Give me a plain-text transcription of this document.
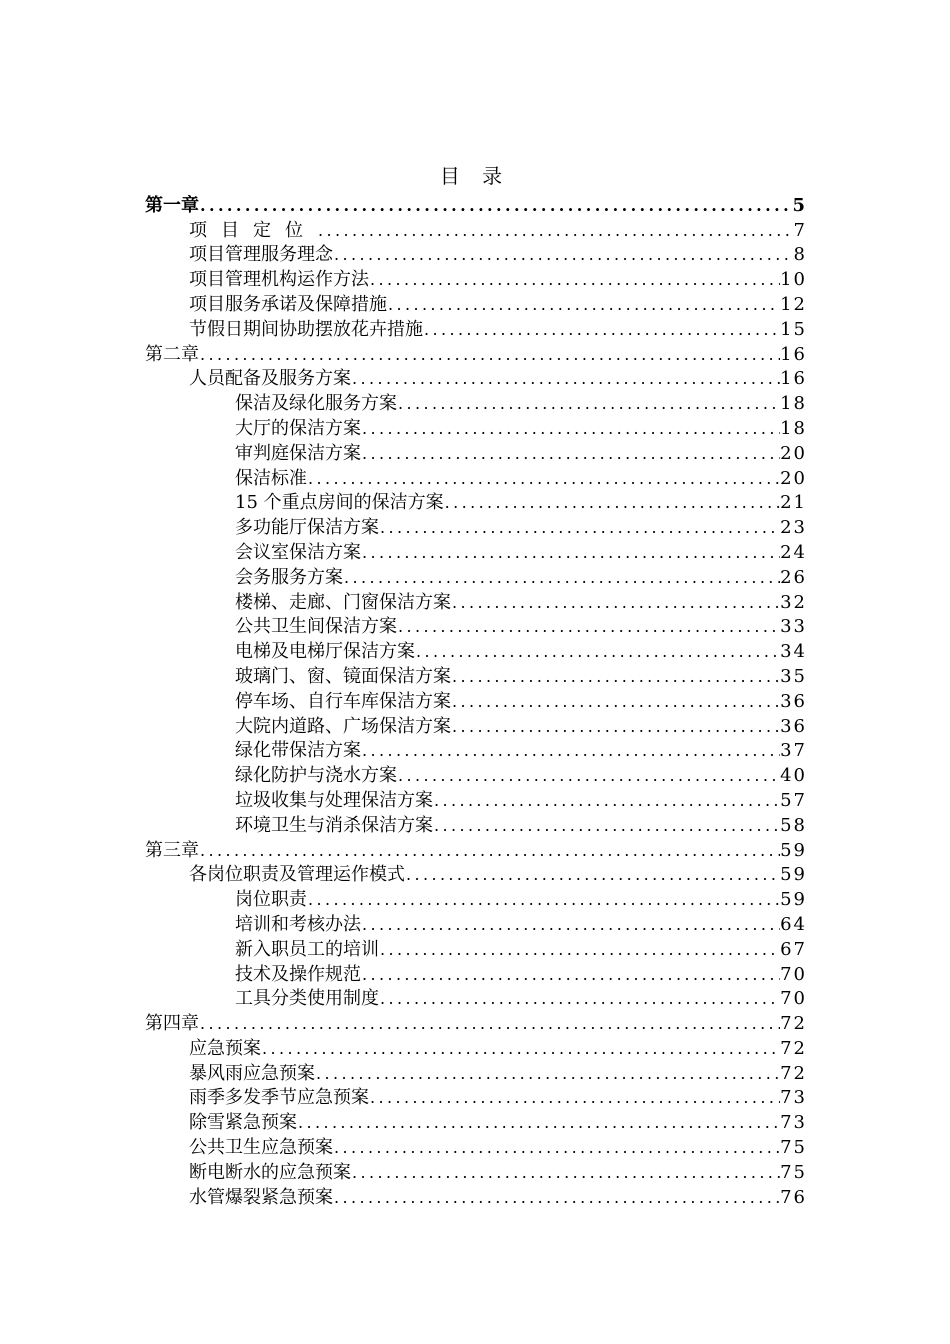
目 录
第一章 .....	5
项目定位 .....	7
项目管理服务理念 .....	8
项目管理机构运作方法 .....	10
项目服务承诺及保障措施 .....	12
节假日期间协助摆放花卉措施 .....	15
第二章 .....	16
人员配备及服务方案 .....	16
保洁及绿化服务方案 .....	18
大厅的保洁方案 .....	18
审判庭保洁方案 .....	20
保洁标准 .....	20
15 个重点房间的保洁方案 .....	21
多功能厅保洁方案 .....	23
会议室保洁方案 .....	24
会务服务方案 .....	26
楼梯、走廊、门窗保洁方案 .....	32
公共卫生间保洁方案 .....	33
电梯及电梯厅保洁方案 .....	34
玻璃门、窗、镜面保洁方案 .....	35
停车场、自行车库保洁方案 .....	36
大院内道路、广场保洁方案 .....	36
绿化带保洁方案 .....	37
绿化防护与浇水方案 .....	40
垃圾收集与处理保洁方案 .....	57
环境卫生与消杀保洁方案 .....	58
第三章 .....	59
各岗位职责及管理运作模式 .....	59
岗位职责 .....	59
培训和考核办法 .....	64
新入职员工的培训 .....	67
技术及操作规范 .....	70
工具分类使用制度 .....	70
第四章 .....	72
应急预案 .....	72
暴风雨应急预案 .....	72
雨季多发季节应急预案 .....	73
除雪紧急预案 .....	73
公共卫生应急预案 .....	75
断电断水的应急预案 .....	75
水管爆裂紧急预案 .....	76
